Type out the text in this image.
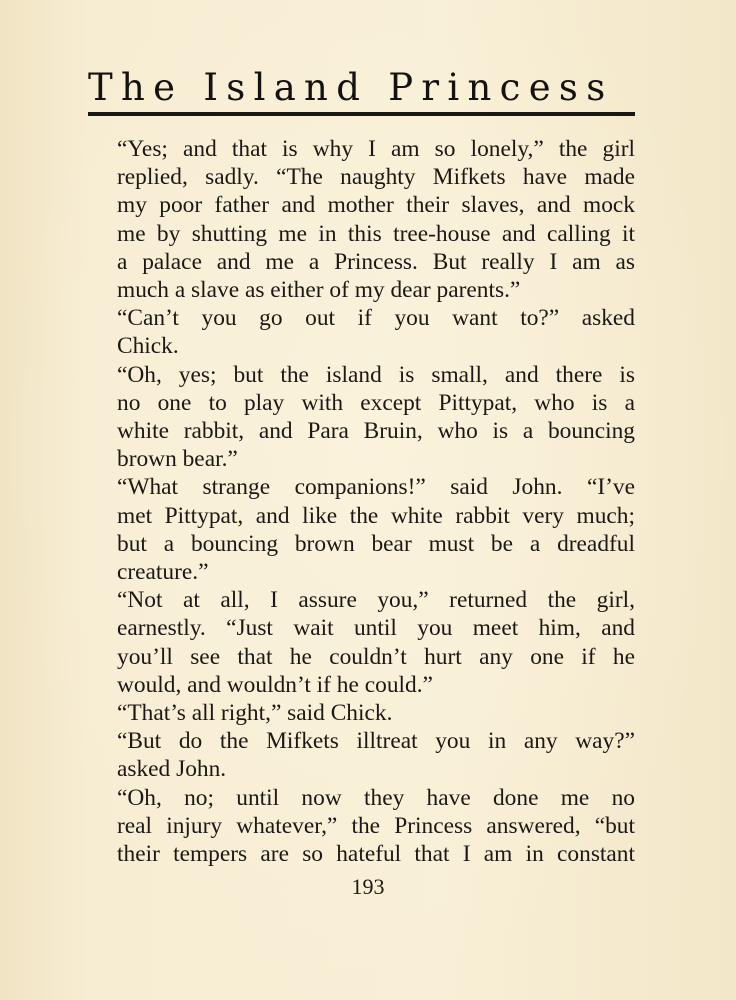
The Island Princess
“Yes; and that is why I am so lonely,” the girl
replied, sadly. “The naughty Mifkets have made
my poor father and mother their slaves, and mock
me by shutting me in this tree-house and calling it
a palace and me a Princess. But really I am as
much a slave as either of my dear parents.”
“Can’t you go out if you want to?” asked
Chick.
“Oh, yes; but the island is small, and there is
no one to play with except Pittypat, who is a
white rabbit, and Para Bruin, who is a bouncing
brown bear.”
“What strange companions!” said John. “I’ve
met Pittypat, and like the white rabbit very much;
but a bouncing brown bear must be a dreadful
creature.”
“Not at all, I assure you,” returned the girl,
earnestly. “Just wait until you meet him, and
you’ll see that he couldn’t hurt any one if he
would, and wouldn’t if he could.”
“That’s all right,” said Chick.
“But do the Mifkets illtreat you in any way?”
asked John.
“Oh, no; until now they have done me no
real injury whatever,” the Princess answered, “but
their tempers are so hateful that I am in constant
193
